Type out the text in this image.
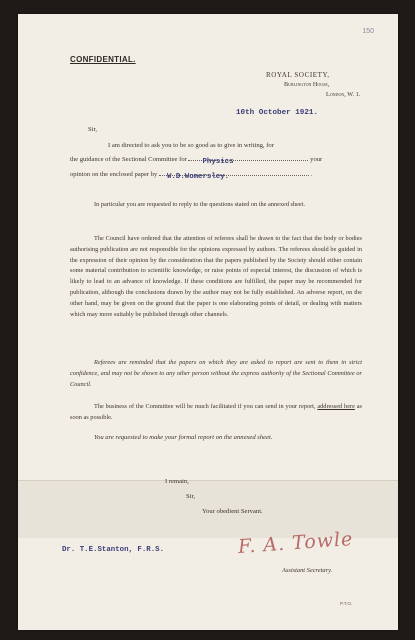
150
CONFIDENTIAL.
ROYAL SOCIETY,
Burlington House,
London, W. 1.
10th October 1921.
Sir,
I am directed to ask you to be so good as to give in writing, for
the guidance of the Sectional Committee for Physics	your
opinion on the enclosed paper by W.D.Womersley.	.
In particular you are requested to reply to the questions stated on the annexed sheet.
The Council have ordered that the attention of referees shall be drawn to the fact that the body or bodies authorising publication are not responsible for the opinions expressed by authors. The referees should be guided in the expression of their opinion by the consideration that the papers published by the Society should either contain some material contribution to scientific knowledge, or raise points of especial interest, the discussion of which is likely to lead to an advance of knowledge. If these conditions are fulfilled, the paper may be recommended for publication, although the conclusions drawn by the author may not be fully established. An adverse report, on the other hand, may be given on the ground that the paper is one elaborating points of detail, or dealing with matters which may more suitably be published through other channels.
Referees are reminded that the papers on which they are asked to report are sent to them in strict confidence, and may not be shown to any other person without the express authority of the Sectional Committee or Council.
The business of the Committee will be much facilitated if you can send in your report, addressed here as soon as possible.
You are requested to make your formal report on the annexed sheet.
I remain,
Sir,
Your obedient Servant.
Dr. T.E.Stanton, F.R.S.	F. A. Towle
Assistant Secretary.
P.T.O.
